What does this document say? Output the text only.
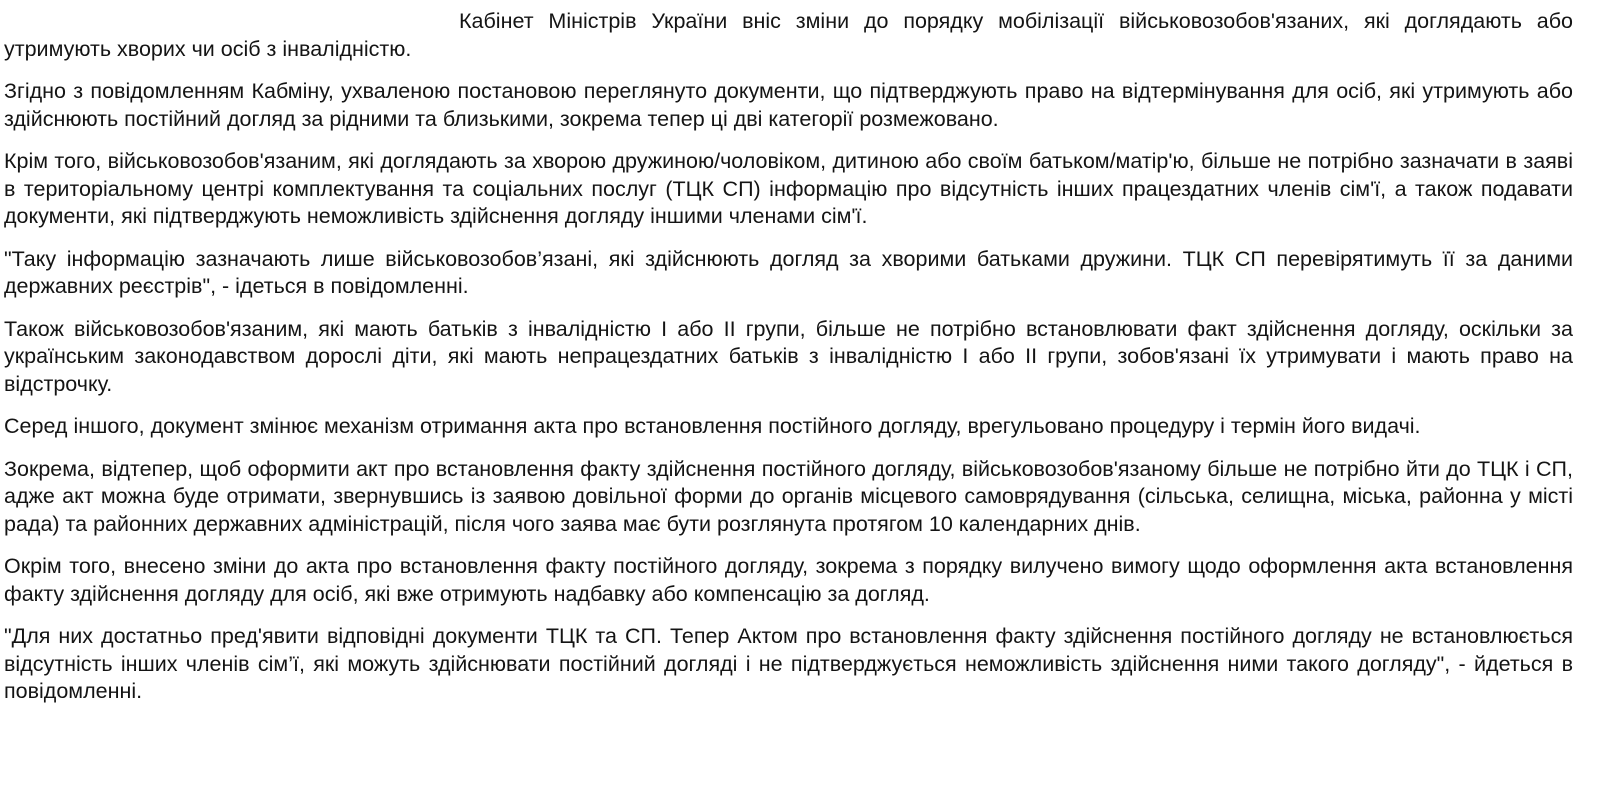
Кабінет Міністрів України вніс зміни до порядку мобілізації військовозобов'язаних, які доглядають або утримують хворих чи осіб з інвалідністю.

Згідно з повідомленням Кабміну, ухваленою постановою переглянуто документи, що підтверджують право на відтермінування для осіб, які утримують або здійснюють постійний догляд за рідними та близькими, зокрема тепер ці дві категорії розмежовано.

Крім того, військовозобов'язаним, які доглядають за хворою дружиною/чоловіком, дитиною або своїм батьком/матір'ю, більше не потрібно зазначати в заяві в територіальному центрі комплектування та соціальних послуг (ТЦК СП) інформацію про відсутність інших працездатних членів сім'ї, а також подавати документи, які підтверджують неможливість здійснення догляду іншими членами сім'ї.

"Таку інформацію зазначають лише військовозобов’язані, які здійснюють догляд за хворими батьками дружини. ТЦК СП перевірятимуть її за даними державних реєстрів", - ідеться в повідомленні.

Також військовозобов'язаним, які мають батьків з інвалідністю I або II групи, більше не потрібно встановлювати факт здійснення догляду, оскільки за українським законодавством дорослі діти, які мають непрацездатних батьків з інвалідністю I або II групи, зобов'язані їх утримувати і мають право на відстрочку.

Серед іншого, документ змінює механізм отримання акта про встановлення постійного догляду, врегульовано процедуру і термін його видачі.

Зокрема, відтепер, щоб оформити акт про встановлення факту здійснення постійного догляду, військовозобов'язаному більше не потрібно йти до ТЦК і СП, адже акт можна буде отримати, звернувшись із заявою довільної форми до органів місцевого самоврядування (сільська, селищна, міська, районна у місті рада) та районних державних адміністрацій, після чого заява має бути розглянута протягом 10 календарних днів.

Окрім того, внесено зміни до акта про встановлення факту постійного догляду, зокрема з порядку вилучено вимогу щодо оформлення акта встановлення факту здійснення догляду для осіб, які вже отримують надбавку або компенсацію за догляд.

"Для них достатньо пред'явити відповідні документи ТЦК та СП. Тепер Актом про встановлення факту здійснення постійного догляду не встановлюється відсутність інших членів сім’ї, які можуть здійснювати постійний догляді і не підтверджується неможливість здійснення ними такого догляду", - йдеться в повідомленні.
